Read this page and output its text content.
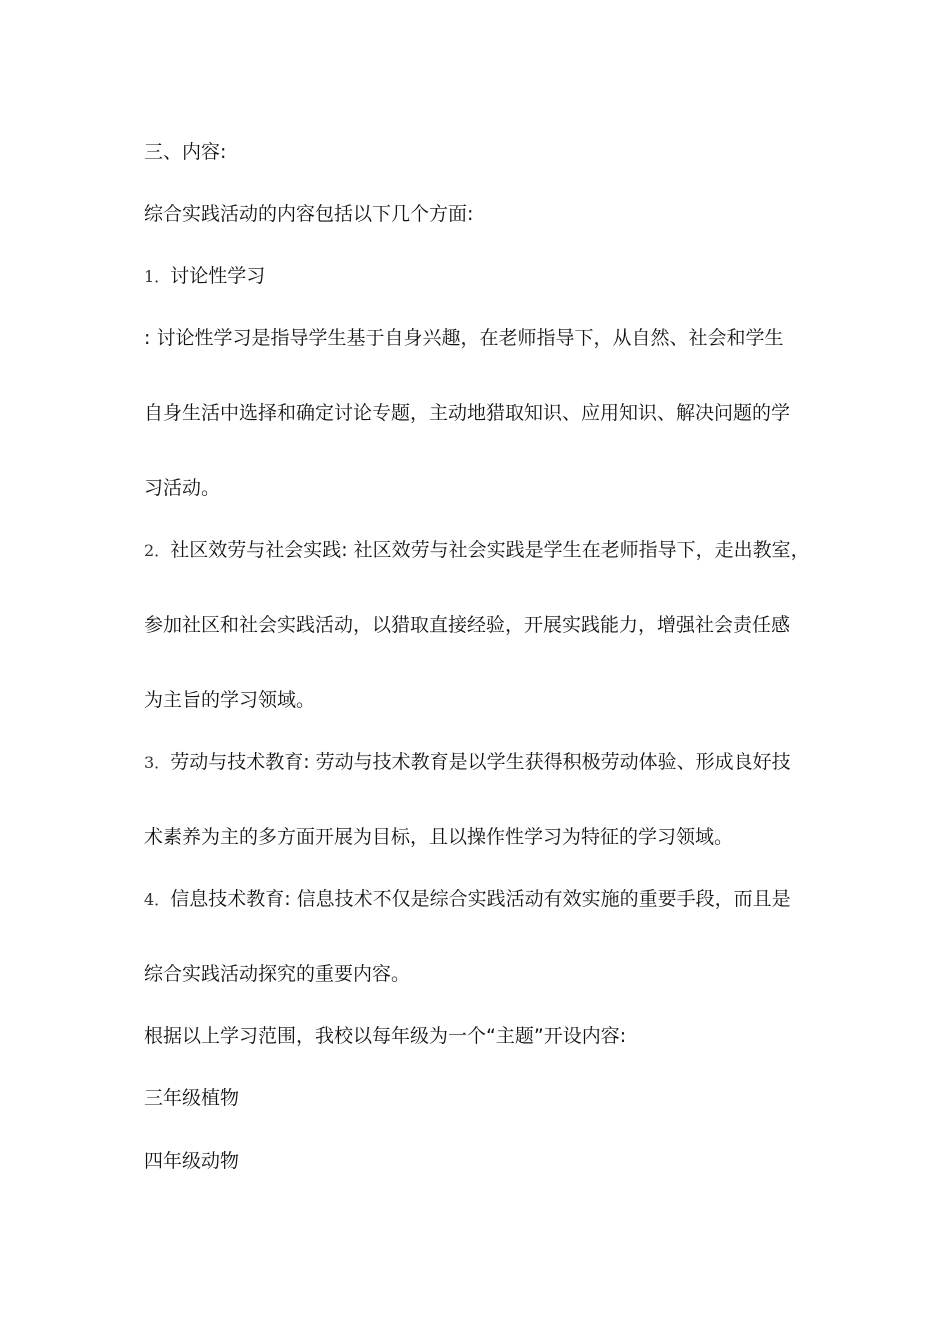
三、内容:
综合实践活动的内容包括以下几个方面:
1．讨论性学习
: 讨论性学习是指导学生基于自身兴趣，在老师指导下，从自然、社会和学生
自身生活中选择和确定讨论专题，主动地猎取知识、应用知识、解决问题的学
习活动。
2．社区效劳与社会实践: 社区效劳与社会实践是学生在老师指导下，走出教室，
参加社区和社会实践活动，以猎取直接经验，开展实践能力，增强社会责任感
为主旨的学习领域。
3．劳动与技术教育: 劳动与技术教育是以学生获得积极劳动体验、形成良好技
术素养为主的多方面开展为目标，且以操作性学习为特征的学习领域。
4．信息技术教育: 信息技术不仅是综合实践活动有效实施的重要手段，而且是
综合实践活动探究的重要内容。
根据以上学习范围，我校以每年级为一个“主题”开设内容:
三年级植物
四年级动物
